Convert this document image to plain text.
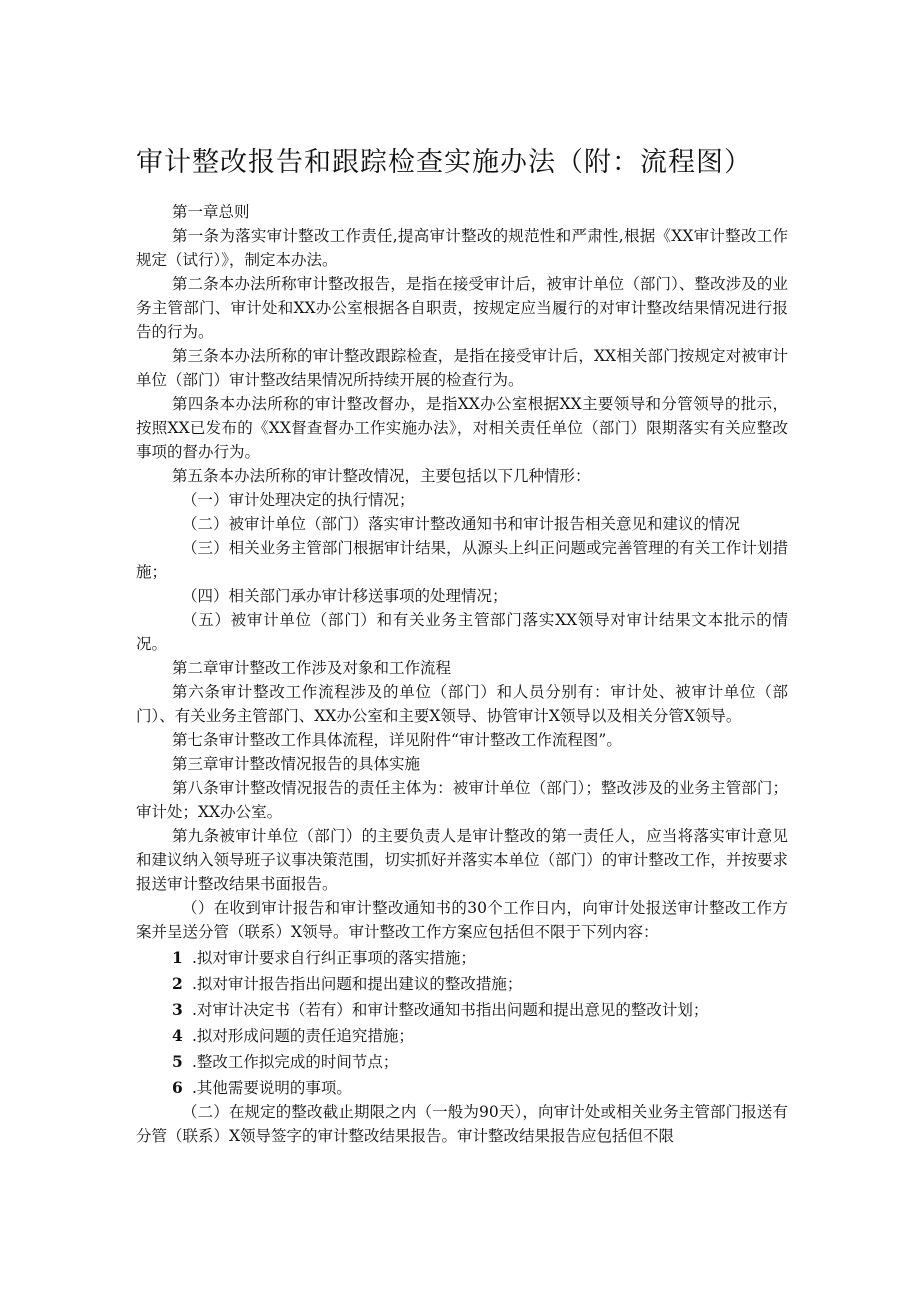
审计整改报告和跟踪检查实施办法（附：流程图）

第一章总则

第一条为落实审计整改工作责任,提高审计整改的规范性和严肃性,根据《XX审计整改工作规定（试行）》，制定本办法。

第二条本办法所称审计整改报告，是指在接受审计后，被审计单位（部门）、整改涉及的业务主管部门、审计处和XX办公室根据各自职责，按规定应当履行的对审计整改结果情况进行报告的行为。

第三条本办法所称的审计整改跟踪检查，是指在接受审计后，XX相关部门按规定对被审计单位（部门）审计整改结果情况所持续开展的检查行为。

第四条本办法所称的审计整改督办，是指XX办公室根据XX主要领导和分管领导的批示，按照XX已发布的《XX督查督办工作实施办法》，对相关责任单位（部门）限期落实有关应整改事项的督办行为。

第五条本办法所称的审计整改情况，主要包括以下几种情形：

（一）审计处理决定的执行情况；

（二）被审计单位（部门）落实审计整改通知书和审计报告相关意见和建议的情况

（三）相关业务主管部门根据审计结果，从源头上纠正问题或完善管理的有关工作计划措施；

（四）相关部门承办审计移送事项的处理情况；

（五）被审计单位（部门）和有关业务主管部门落实XX领导对审计结果文本批示的情况。

第二章审计整改工作涉及对象和工作流程

第六条审计整改工作流程涉及的单位（部门）和人员分别有：审计处、被审计单位（部门）、有关业务主管部门、XX办公室和主要X领导、协管审计X领导以及相关分管X领导。

第七条审计整改工作具体流程，详见附件“审计整改工作流程图”。

第三章审计整改情况报告的具体实施

第八条审计整改情况报告的责任主体为：被审计单位（部门）；整改涉及的业务主管部门；审计处；XX办公室。

第九条被审计单位（部门）的主要负责人是审计整改的第一责任人，应当将落实审计意见和建议纳入领导班子议事决策范围，切实抓好并落实本单位（部门）的审计整改工作，并按要求报送审计整改结果书面报告。

（）在收到审计报告和审计整改通知书的30个工作日内，向审计处报送审计整改工作方案并呈送分管（联系）X领导。审计整改工作方案应包括但不限于下列内容：

1 .拟对审计要求自行纠正事项的落实措施；

2 .拟对审计报告指出问题和提出建议的整改措施；

3 .对审计决定书（若有）和审计整改通知书指出问题和提出意见的整改计划；

4 .拟对形成问题的责任追究措施；

5 .整改工作拟完成的时间节点；

6 .其他需要说明的事项。

（二）在规定的整改截止期限之内（一般为90天），向审计处或相关业务主管部门报送有分管（联系）X领导签字的审计整改结果报告。审计整改结果报告应包括但不限
